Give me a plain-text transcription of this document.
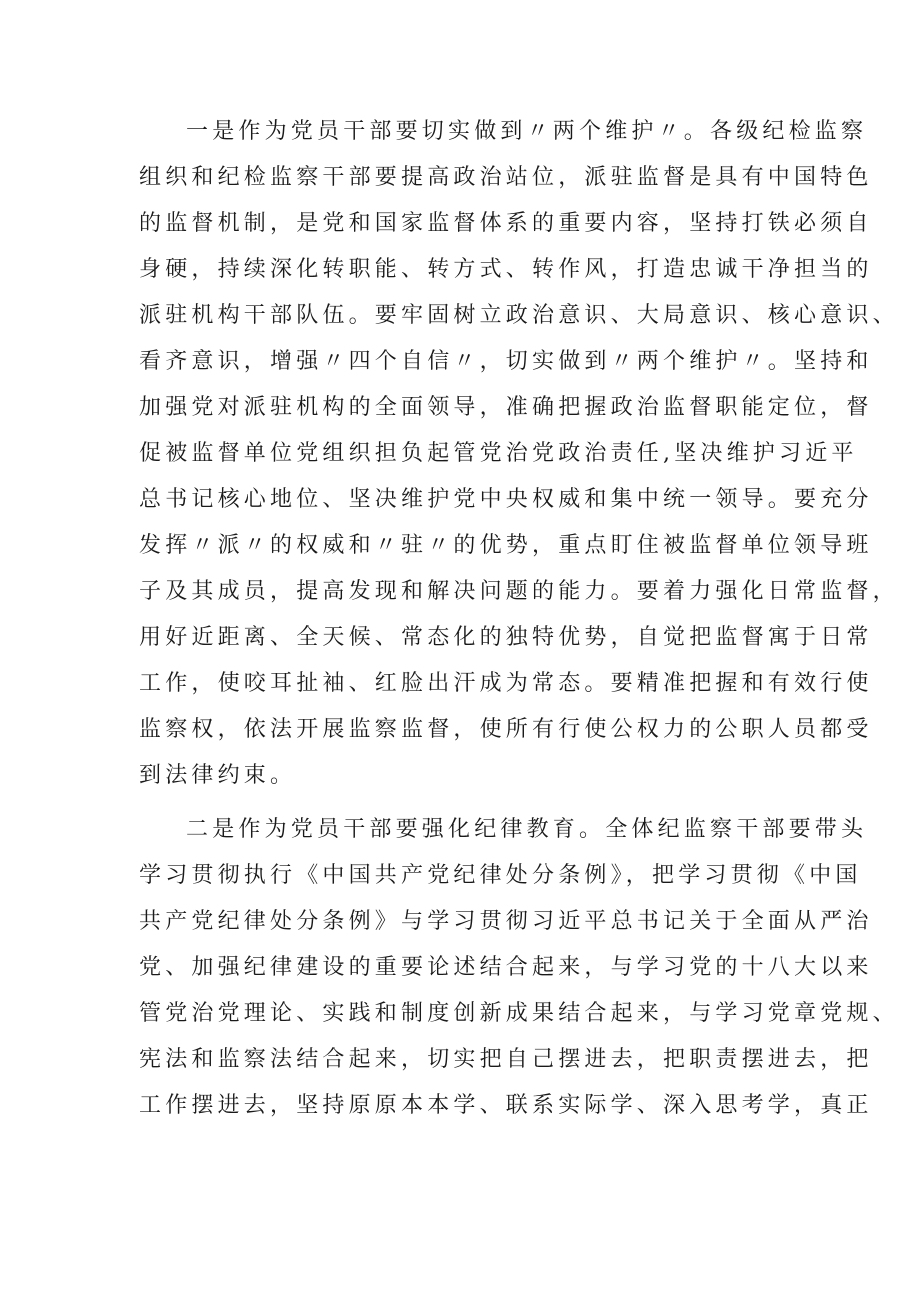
一是作为党员干部要切实做到〃两个维护〃。各级纪检监察
组织和纪检监察干部要提高政治站位，派驻监督是具有中国特色
的监督机制，是党和国家监督体系的重要内容，坚持打铁必须自
身硬，持续深化转职能、转方式、转作风，打造忠诚干净担当的
派驻机构干部队伍。要牢固树立政治意识、大局意识、核心意识、
看齐意识，增强〃四个自信〃，切实做到〃两个维护〃。坚持和
加强党对派驻机构的全面领导，准确把握政治监督职能定位，督
促被监督单位党组织担负起管党治党政治责任,坚决维护习近平
总书记核心地位、坚决维护党中央权威和集中统一领导。要充分
发挥〃派〃的权威和〃驻〃的优势，重点盯住被监督单位领导班
子及其成员，提高发现和解决问题的能力。要着力强化日常监督，
用好近距离、全天候、常态化的独特优势，自觉把监督寓于日常
工作，使咬耳扯袖、红脸出汗成为常态。要精准把握和有效行使
监察权，依法开展监察监督，使所有行使公权力的公职人员都受
到法律约束。
二是作为党员干部要强化纪律教育。全体纪监察干部要带头
学习贯彻执行《中国共产党纪律处分条例》，把学习贯彻《中国
共产党纪律处分条例》与学习贯彻习近平总书记关于全面从严治
党、加强纪律建设的重要论述结合起来，与学习党的十八大以来
管党治党理论、实践和制度创新成果结合起来，与学习党章党规、
宪法和监察法结合起来，切实把自己摆进去，把职责摆进去，把
工作摆进去，坚持原原本本学、联系实际学、深入思考学，真正
